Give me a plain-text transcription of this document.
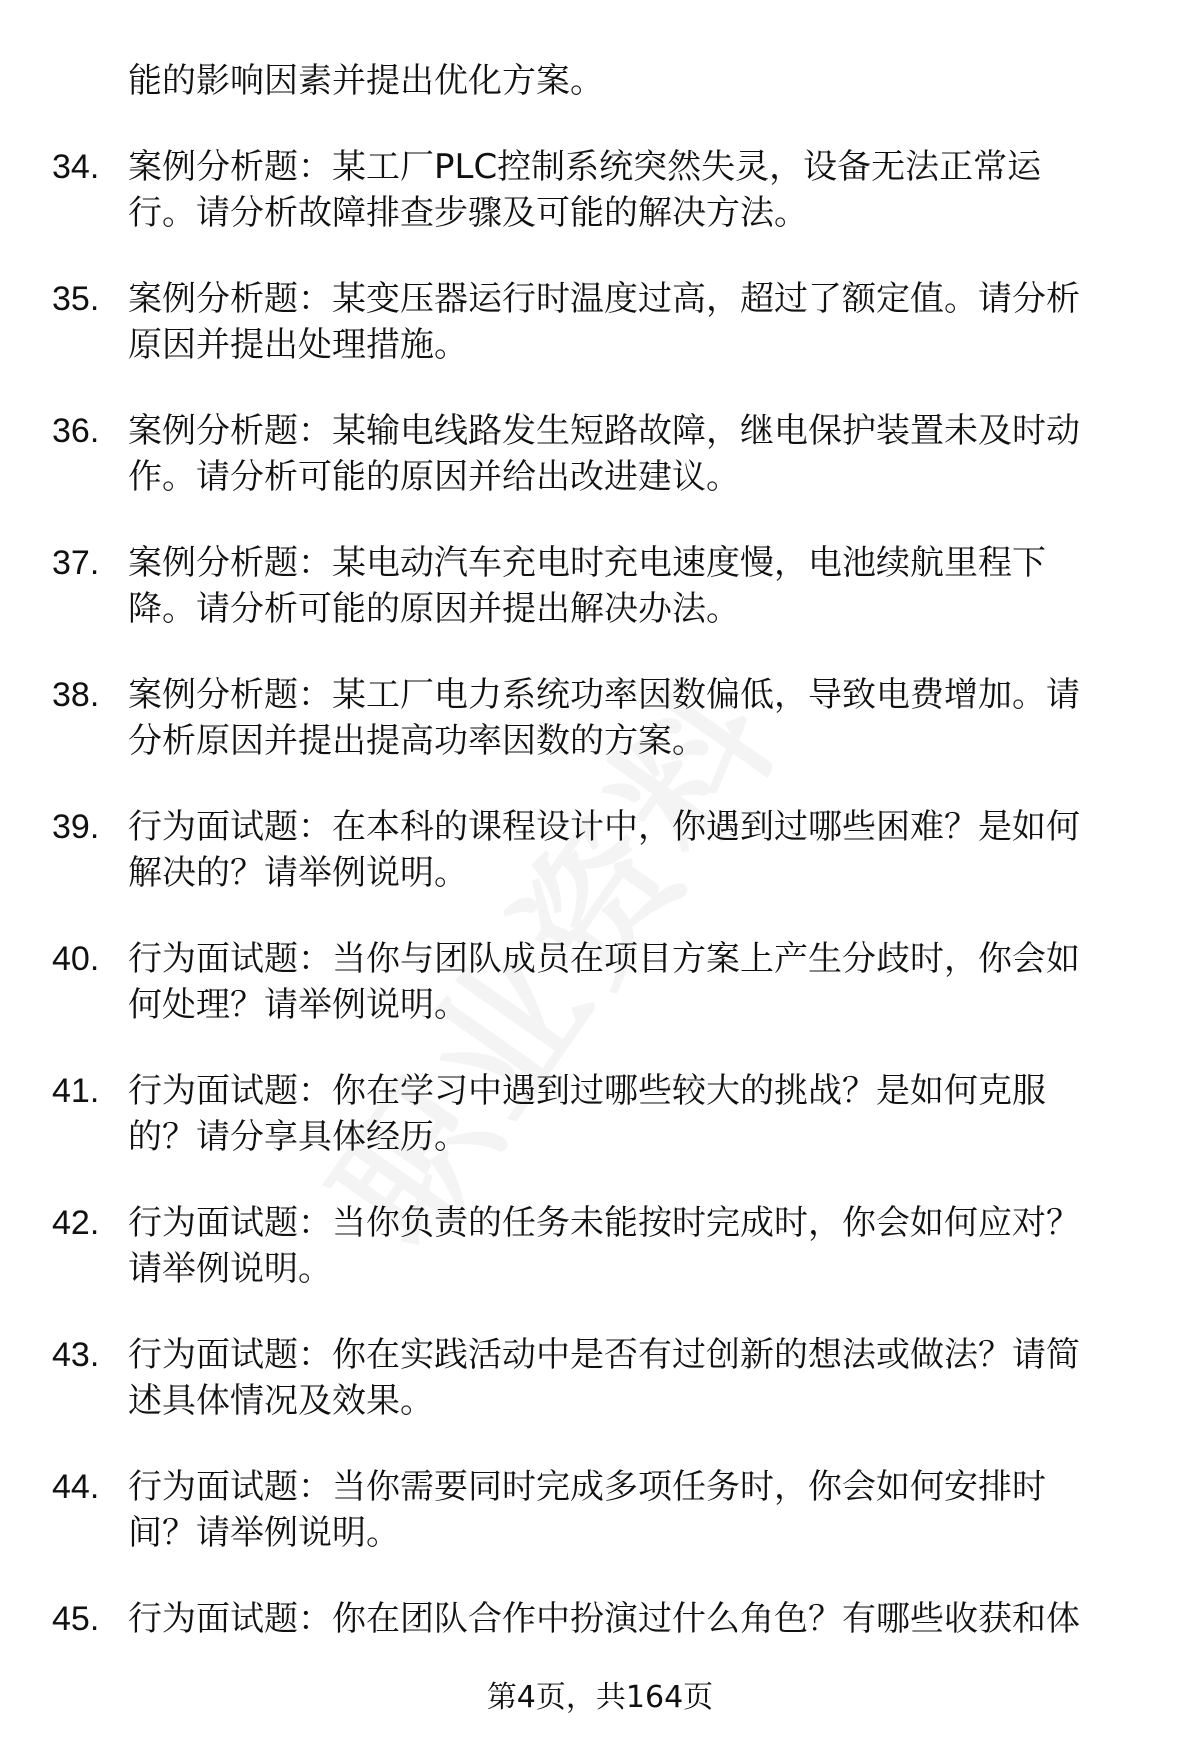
能的影响因素并提出优化方案。
34. 案例分析题：某工厂PLC控制系统突然失灵，设备无法正常运
行。请分析故障排查步骤及可能的解决方法。
35. 案例分析题：某变压器运行时温度过高，超过了额定值。请分析
原因并提出处理措施。
36. 案例分析题：某输电线路发生短路故障，继电保护装置未及时动
作。请分析可能的原因并给出改进建议。
37. 案例分析题：某电动汽车充电时充电速度慢，电池续航里程下
降。请分析可能的原因并提出解决办法。
38. 案例分析题：某工厂电力系统功率因数偏低，导致电费增加。请
分析原因并提出提高功率因数的方案。
39. 行为面试题：在本科的课程设计中，你遇到过哪些困难？是如何
解决的？请举例说明。
40. 行为面试题：当你与团队成员在项目方案上产生分歧时，你会如
何处理？请举例说明。
41. 行为面试题：你在学习中遇到过哪些较大的挑战？是如何克服
的？请分享具体经历。
42. 行为面试题：当你负责的任务未能按时完成时，你会如何应对？
请举例说明。
43. 行为面试题：你在实践活动中是否有过创新的想法或做法？请简
述具体情况及效果。
44. 行为面试题：当你需要同时完成多项任务时，你会如何安排时
间？请举例说明。
45. 行为面试题：你在团队合作中扮演过什么角色？有哪些收获和体
第4页，共164页
